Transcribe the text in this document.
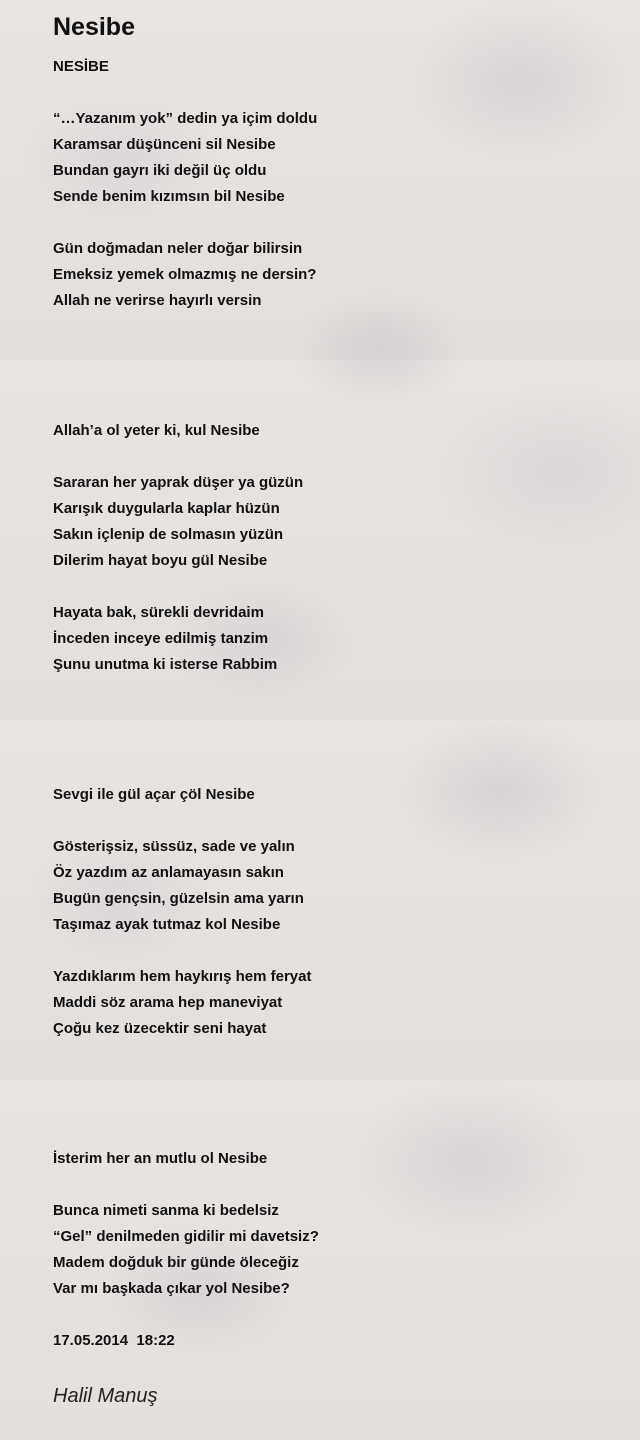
Nesibe
NESİBE
“…Yazanım yok” dedin ya içim doldu
Karamsar düşünceni sil Nesibe
Bundan gayrı iki değil üç oldu
Sende benim kızımsın bil Nesibe
Gün doğmadan neler doğar bilirsin
Emeksiz yemek olmazmış ne dersin?
Allah ne verirse hayırlı versin
Allah’a ol yeter ki, kul Nesibe
Sararan her yaprak düşer ya güzün
Karışık duygularla kaplar hüzün
Sakın içlenip de solmasın yüzün
Dilerim hayat boyu gül Nesibe
Hayata bak, sürekli devridaim
İnceden inceye edilmiş tanzim
Şunu unutma ki isterse Rabbim
Sevgi ile gül açar çöl Nesibe
Gösterişsiz, süssüz, sade ve yalın
Öz yazdım az anlamayasın sakın
Bugün gençsin, güzelsin ama yarın
Taşımaz ayak tutmaz kol Nesibe
Yazdıklarım hem haykırış hem feryat
Maddi söz arama hep maneviyat
Çoğu kez üzecektir seni hayat
İsterim her an mutlu ol Nesibe
Bunca nimeti sanma ki bedelsiz
“Gel” denilmeden gidilir mi davetsiz?
Madem doğduk bir günde öleceğiz
Var mı başkada çıkar yol Nesibe?
17.05.2014  18:22
Halil Manuş
